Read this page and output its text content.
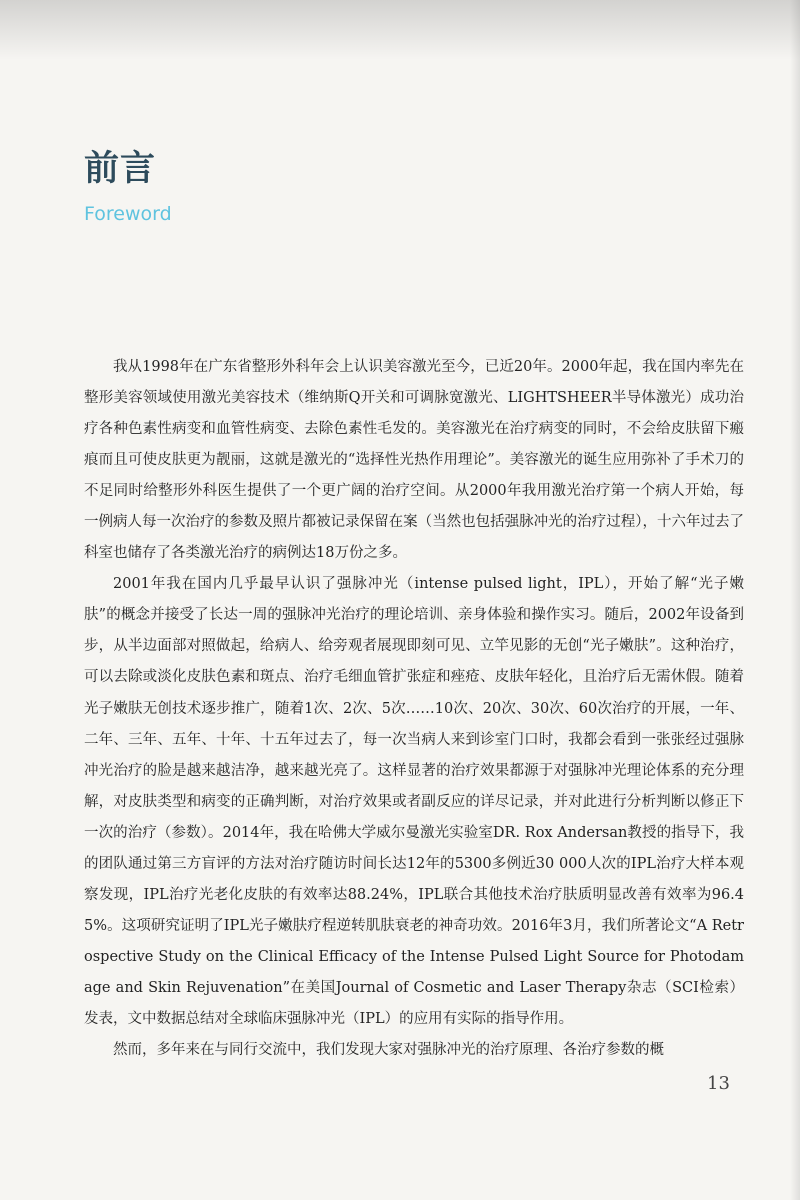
前言
Foreword

我从1998年在广东省整形外科年会上认识美容激光至今，已近20年。2000年起，我在国内率先在整形美容领域使用激光美容技术（维纳斯Q开关和可调脉宽激光、LIGHTSHEER半导体激光）成功治疗各种色素性病变和血管性病变、去除色素性毛发的。美容激光在治疗病变的同时，不会给皮肤留下瘢痕而且可使皮肤更为靓丽，这就是激光的“选择性光热作用理论”。美容激光的诞生应用弥补了手术刀的不足同时给整形外科医生提供了一个更广阔的治疗空间。从2000年我用激光治疗第一个病人开始，每一例病人每一次治疗的参数及照片都被记录保留在案（当然也包括强脉冲光的治疗过程），十六年过去了科室也储存了各类激光治疗的病例达18万份之多。

2001年我在国内几乎最早认识了强脉冲光（intense pulsed light，IPL），开始了解“光子嫩肤”的概念并接受了长达一周的强脉冲光治疗的理论培训、亲身体验和操作实习。随后，2002年设备到步，从半边面部对照做起，给病人、给旁观者展现即刻可见、立竿见影的无创“光子嫩肤”。这种治疗，可以去除或淡化皮肤色素和斑点、治疗毛细血管扩张症和痤疮、皮肤年轻化，且治疗后无需休假。随着光子嫩肤无创技术逐步推广，随着1次、2次、5次……10次、20次、30次、60次治疗的开展，一年、二年、三年、五年、十年、十五年过去了，每一次当病人来到诊室门口时，我都会看到一张张经过强脉冲光治疗的脸是越来越洁净，越来越光亮了。这样显著的治疗效果都源于对强脉冲光理论体系的充分理解，对皮肤类型和病变的正确判断，对治疗效果或者副反应的详尽记录，并对此进行分析判断以修正下一次的治疗（参数）。2014年，我在哈佛大学威尔曼激光实验室DR. Rox Andersan教授的指导下，我的团队通过第三方盲评的方法对治疗随访时间长达12年的5300多例近30 000人次的IPL治疗大样本观察发现，IPL治疗光老化皮肤的有效率达88.24%，IPL联合其他技术治疗肤质明显改善有效率为96.45%。这项研究证明了IPL光子嫩肤疗程逆转肌肤衰老的神奇功效。2016年3月，我们所著论文“A Retrospective Study on the Clinical Efficacy of the Intense Pulsed Light Source for Photodamage and Skin Rejuvenation”在美国Journal of Cosmetic and Laser Therapy杂志（SCI检索）发表，文中数据总结对全球临床强脉冲光（IPL）的应用有实际的指导作用。

然而，多年来在与同行交流中，我们发现大家对强脉冲光的治疗原理、各治疗参数的概

13
